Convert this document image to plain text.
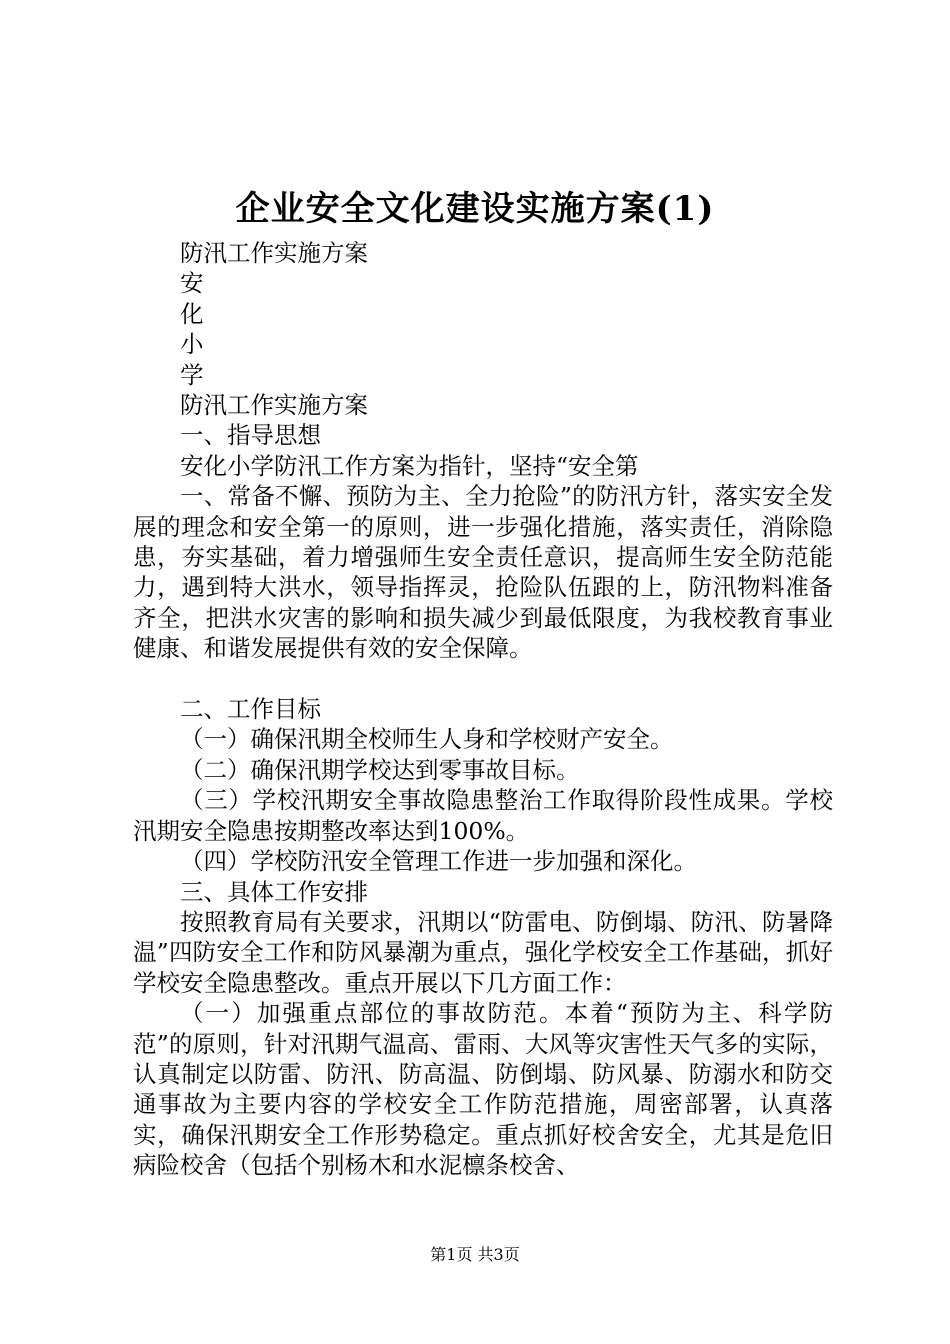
企业安全文化建设实施方案(1)

防汛工作实施方案

安

化

小

学

防汛工作实施方案

一、指导思想

安化小学防汛工作方案为指针，坚持“安全第

一、常备不懈、预防为主、全力抢险”的防汛方针，落实安全发展的理念和安全第一的原则，进一步强化措施，落实责任，消除隐患，夯实基础，着力增强师生安全责任意识，提高师生安全防范能力，遇到特大洪水，领导指挥灵，抢险队伍跟的上，防汛物料准备齐全，把洪水灾害的影响和损失减少到最低限度，为我校教育事业健康、和谐发展提供有效的安全保障。

二、工作目标

（一）确保汛期全校师生人身和学校财产安全。

（二）确保汛期学校达到零事故目标。

（三）学校汛期安全事故隐患整治工作取得阶段性成果。学校汛期安全隐患按期整改率达到100%。

（四）学校防汛安全管理工作进一步加强和深化。

三、具体工作安排

按照教育局有关要求，汛期以“防雷电、防倒塌、防汛、防暑降温”四防安全工作和防风暴潮为重点，强化学校安全工作基础，抓好学校安全隐患整改。重点开展以下几方面工作：

（一）加强重点部位的事故防范。本着“预防为主、科学防范”的原则，针对汛期气温高、雷雨、大风等灾害性天气多的实际，认真制定以防雷、防汛、防高温、防倒塌、防风暴、防溺水和防交通事故为主要内容的学校安全工作防范措施，周密部署，认真落实，确保汛期安全工作形势稳定。重点抓好校舍安全，尤其是危旧病险校舍（包括个别杨木和水泥檩条校舍、

第1页 共3页
